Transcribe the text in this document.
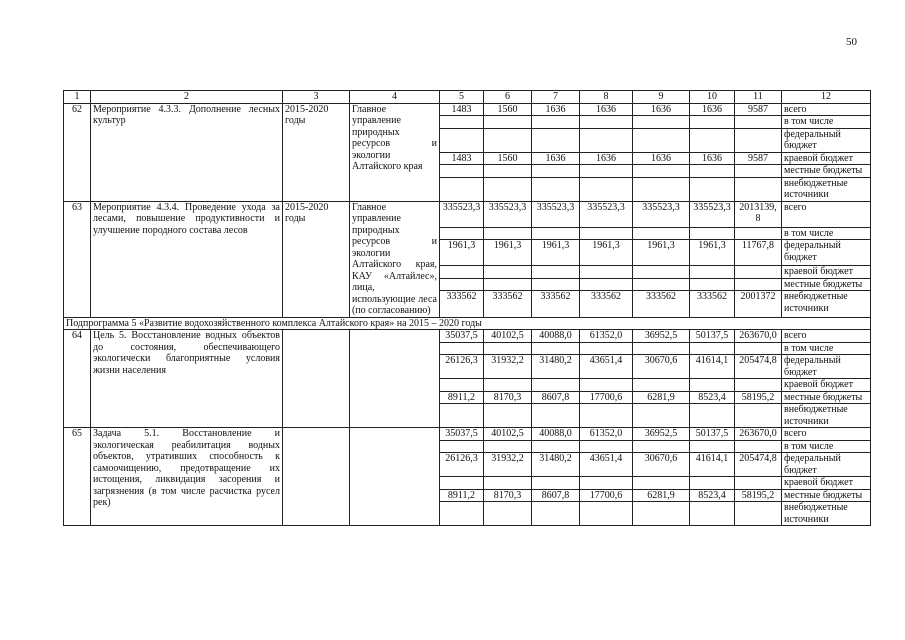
50
1	2	3	4	5	6	7	8	9	10	11	12
62	Мероприятие 4.3.3. Дополнение лесных культур	2015-2020 годы	Главное управление природных ресурсов и экологии Алтайского края	1483	1560	1636	1636	1636	1636	9587	всего
											в том числе
											федеральный бюджет
				1483	1560	1636	1636	1636	1636	9587	краевой бюджет
											местные бюджеты
											внебюджетные источники
63	Мероприятие 4.3.4. Проведение ухода за лесами, повышение продуктивности и улучшение породного состава лесов	2015-2020 годы	Главное управление природных ресурсов и экологии Алтайского края, КАУ «Алтайлес», лица, использующие леса (по согласованию)	335523,3	335523,3	335523,3	335523,3	335523,3	335523,3	2013139,8	всего
											в том числе
				1961,3	1961,3	1961,3	1961,3	1961,3	1961,3	11767,8	федеральный бюджет
											краевой бюджет
											местные бюджеты
				333562	333562	333562	333562	333562	333562	2001372	внебюджетные источники
Подпрограмма 5 «Развитие водохозяйственного комплекса Алтайского края» на 2015 – 2020 годы											
64	Цель 5. Восстановление водных объектов до состояния, обеспечивающего экологически благоприятные условия жизни населения			35037,5	40102,5	40088,0	61352,0	36952,5	50137,5	263670,0	всего
											в том числе
				26126,3	31932,2	31480,2	43651,4	30670,6	41614,1	205474,8	федеральный бюджет
											краевой бюджет
				8911,2	8170,3	8607,8	17700,6	6281,9	8523,4	58195,2	местные бюджеты
											внебюджетные источники
65	Задача 5.1. Восстановление и экологическая реабилитация водных объектов, утративших способность к самоочищению, предотвращение их истощения, ликвидация засорения и загрязнения (в том числе расчистка русел рек)			35037,5	40102,5	40088,0	61352,0	36952,5	50137,5	263670,0	всего
											в том числе
				26126,3	31932,2	31480,2	43651,4	30670,6	41614,1	205474,8	федеральный бюджет
											краевой бюджет
				8911,2	8170,3	8607,8	17700,6	6281,9	8523,4	58195,2	местные бюджеты
											внебюджетные источники
